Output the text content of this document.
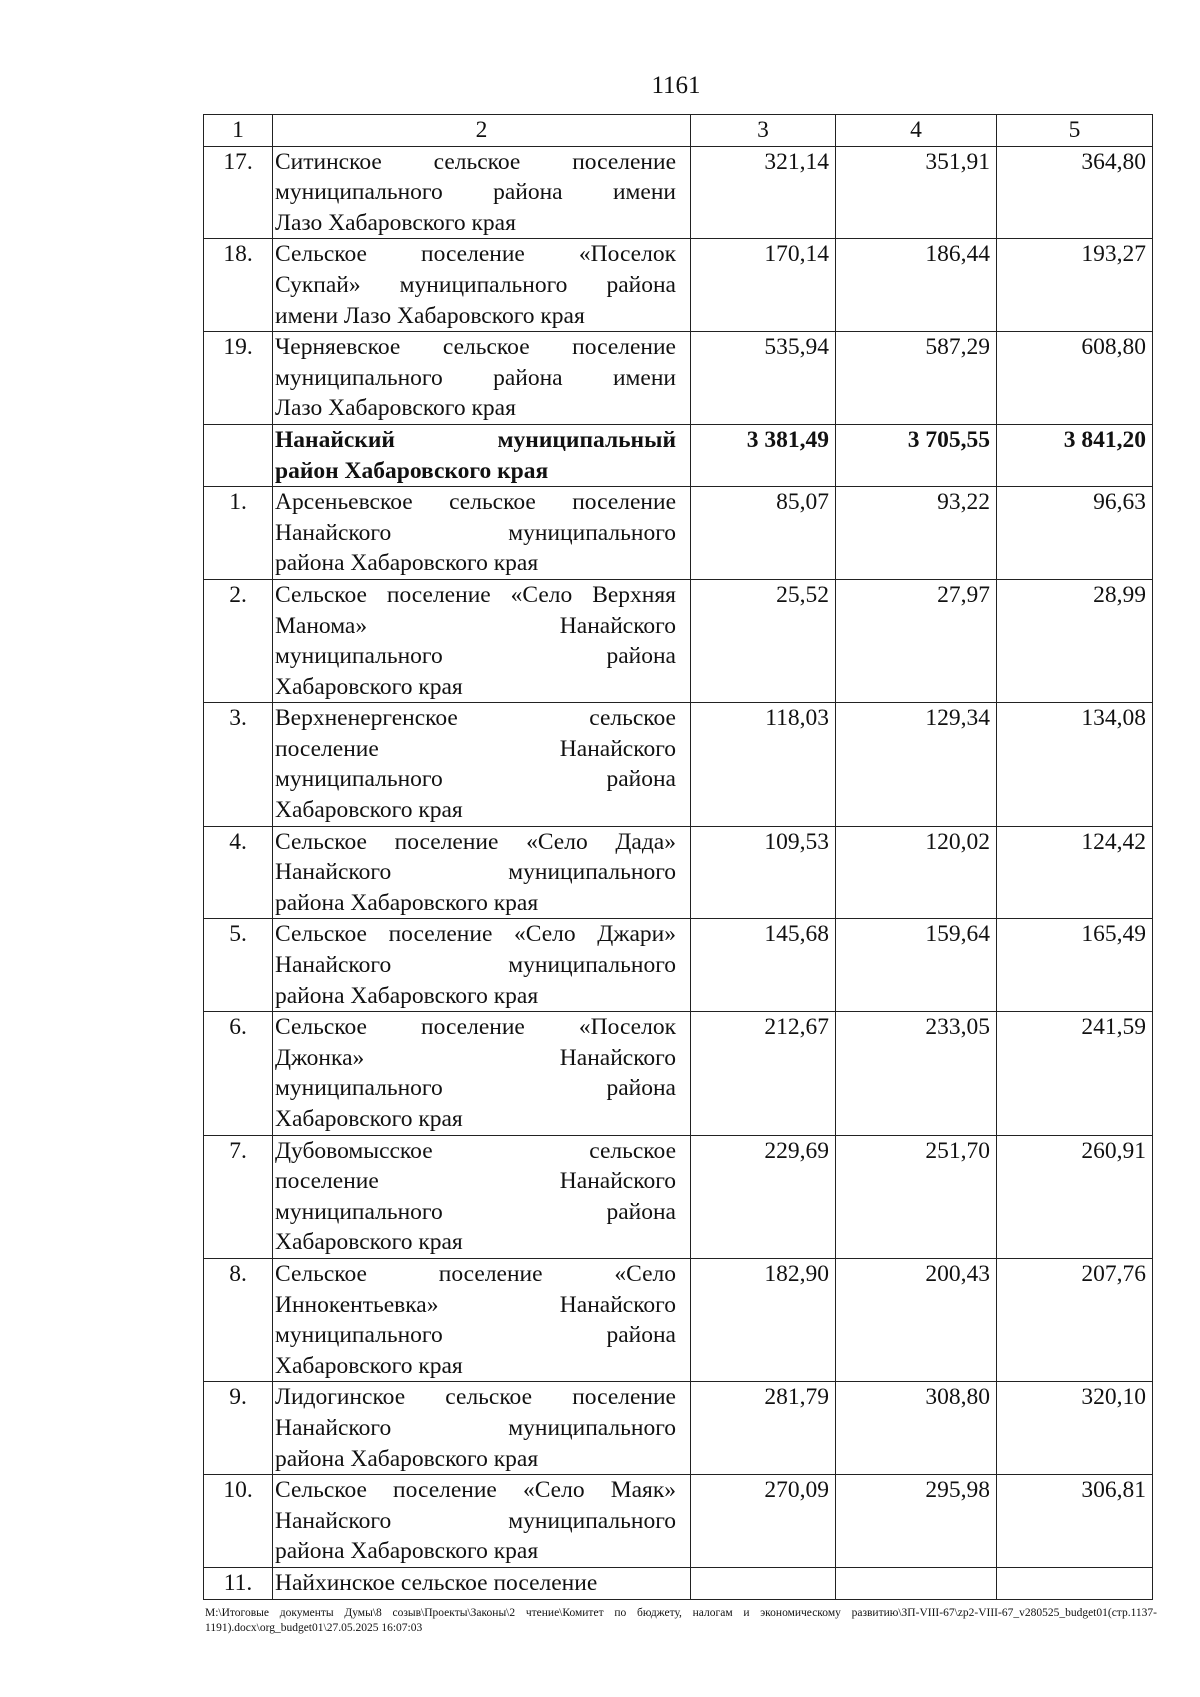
1161
1	2	3	4	5
17.	Ситинское сельское поселение
муниципального района имени
Лазо Хабаровского края	321,14	351,91	364,80
18.	Сельское поселение «Поселок
Сукпай» муниципального района
имени Лазо Хабаровского края	170,14	186,44	193,27
19.	Черняевское сельское поселение
муниципального района имени
Лазо Хабаровского края	535,94	587,29	608,80

	Нанайский муниципальный
район Хабаровского края	3 381,49	3 705,55	3 841,20
1.	Арсеньевское сельское поселение
Нанайского муниципального
района Хабаровского края	85,07	93,22	96,63
2.	Сельское поселение «Село Верхняя
Манома» Нанайского
муниципального района
Хабаровского края	25,52	27,97	28,99
3.	Верхненергенское сельское
поселение Нанайского
муниципального района
Хабаровского края	118,03	129,34	134,08
4.	Сельское поселение «Село Дада»
Нанайского муниципального
района Хабаровского края	109,53	120,02	124,42
5.	Сельское поселение «Село Джари»
Нанайского муниципального
района Хабаровского края	145,68	159,64	165,49
6.	Сельское поселение «Поселок
Джонка» Нанайского
муниципального района
Хабаровского края	212,67	233,05	241,59
7.	Дубовомысское сельское
поселение Нанайского
муниципального района
Хабаровского края	229,69	251,70	260,91
8.	Сельское поселение «Село
Иннокентьевка» Нанайского
муниципального района
Хабаровского края	182,90	200,43	207,76
9.	Лидогинское сельское поселение
Нанайского муниципального
района Хабаровского края	281,79	308,80	320,10
10.	Сельское поселение «Село Маяк»
Нанайского муниципального
района Хабаровского края	270,09	295,98	306,81
11.	Найхинское сельское поселение			

M:\Итоговые документы Думы\8 созыв\Проекты\Законы\2 чтение\Комитет по бюджету, налогам и экономическому развитию\ЗП-VIII-67\zp2-VIII-67_v280525_budget01(стр.1137-1191).docx\org_budget01\27.05.2025 16:07:03
